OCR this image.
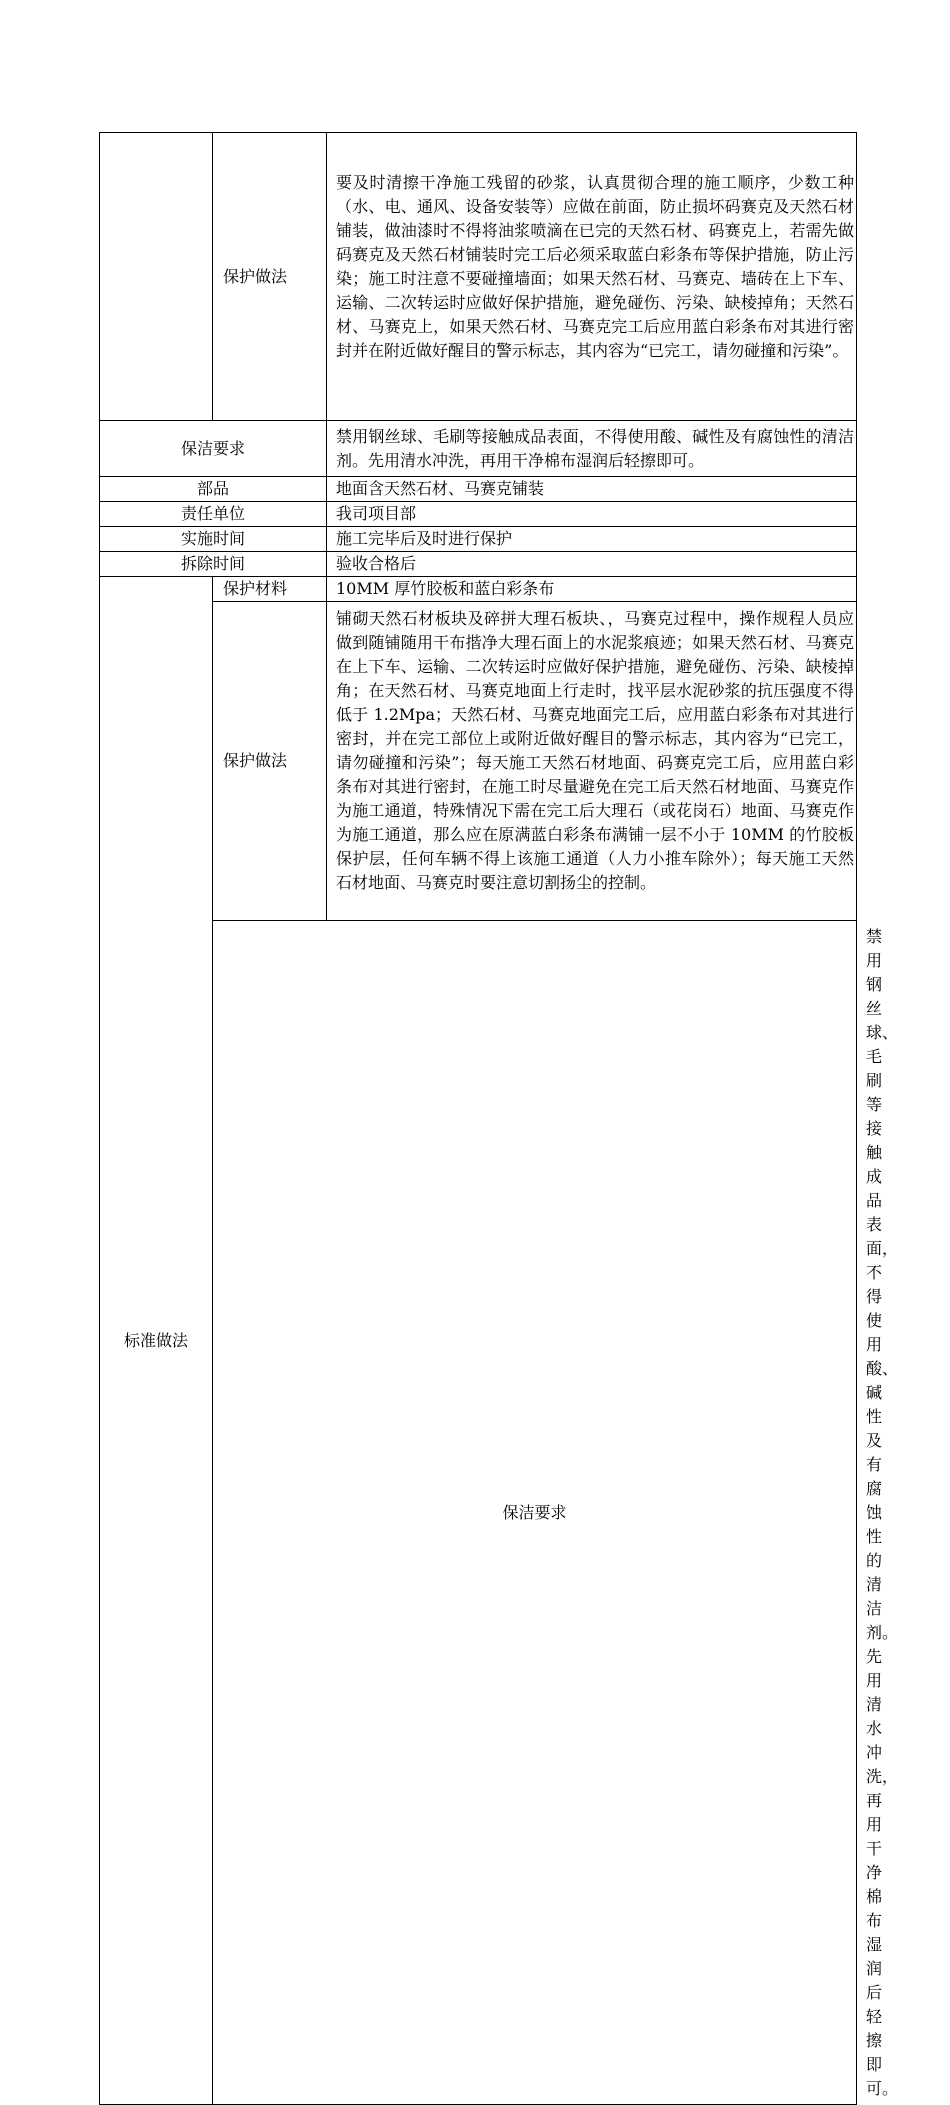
	保护做法	要及时清擦干净施工残留的砂浆，认真贯彻合理的施工顺序，少数工种（水、电、通风、设备安装等）应做在前面，防止损坏码赛克及天然石材铺装，做油漆时不得将油浆喷滴在已完的天然石材、码赛克上，若需先做码赛克及天然石材铺装时完工后必须采取蓝白彩条布等保护措施，防止污染；施工时注意不要碰撞墙面；如果天然石材、马赛克、墙砖在上下车、运输、二次转运时应做好保护措施，避免碰伤、污染、缺棱掉角；天然石材、马赛克上，如果天然石材、马赛克完工后应用蓝白彩条布对其进行密封并在附近做好醒目的警示标志，其内容为“已完工，请勿碰撞和污染”。	
保洁要求		禁用钢丝球、毛刷等接触成品表面，不得使用酸、碱性及有腐蚀性的清洁剂。先用清水冲洗，再用干净棉布湿润后轻擦即可。	
部品		地面含天然石材、马赛克铺装	
责任单位		我司项目部	
实施时间		施工完毕后及时进行保护	
拆除时间		验收合格后	
标准做法	保护材料	10MM 厚竹胶板和蓝白彩条布	
	保护做法	铺砌天然石材板块及碎拼大理石板块、，马赛克过程中，操作规程人员应做到随铺随用干布揩净大理石面上的水泥浆痕迹；如果天然石材、马赛克在上下车、运输、二次转运时应做好保护措施，避免碰伤、污染、缺棱掉角；在天然石材、马赛克地面上行走时，找平层水泥砂浆的抗压强度不得低于 1.2Mpa；天然石材、马赛克地面完工后，应用蓝白彩条布对其进行密封，并在完工部位上或附近做好醒目的警示标志，其内容为“已完工，请勿碰撞和污染”；每天施工天然石材地面、码赛克完工后，应用蓝白彩条布对其进行密封，在施工时尽量避免在完工后天然石材地面、马赛克作为施工通道，特殊情况下需在完工后大理石（或花岗石）地面、马赛克作为施工通道，那么应在原满蓝白彩条布满铺一层不小于 10MM 的竹胶板保护层，任何车辆不得上该施工通道（人力小推车除外）；每天施工天然石材地面、马赛克时要注意切割扬尘的控制。	
	保洁要求		禁用钢丝球、毛刷等接触成品表面，不得使用酸、碱性及有腐蚀性的清洁剂。先用清水冲洗，再用干净棉布湿润后轻擦即可。
